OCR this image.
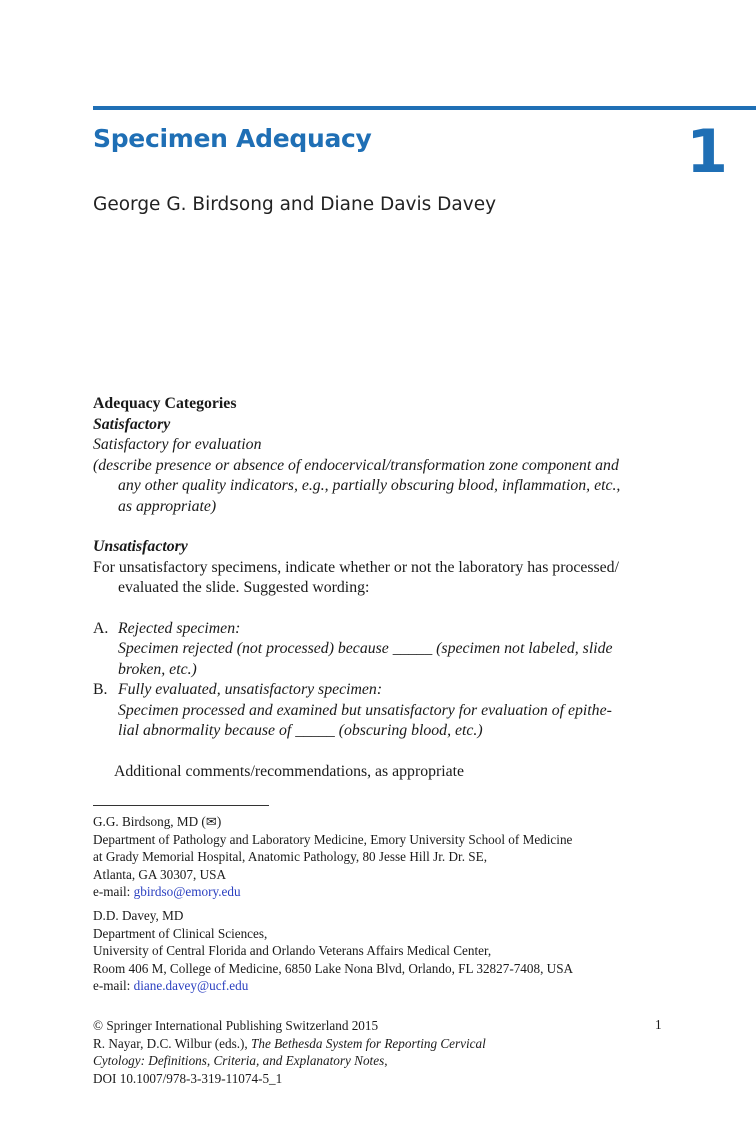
Specimen Adequacy	1
George G. Birdsong and Diane Davis Davey
Adequacy Categories
Satisfactory
Satisfactory for evaluation
(describe presence or absence of endocervical/transformation zone component and
any other quality indicators, e.g., partially obscuring blood, inflammation, etc.,
as appropriate)
Unsatisfactory
For unsatisfactory specimens, indicate whether or not the laboratory has processed/
evaluated the slide. Suggested wording:
A. Rejected specimen:
Specimen rejected (not processed) because _____ (specimen not labeled, slide
broken, etc.)
B. Fully evaluated, unsatisfactory specimen:
Specimen processed and examined but unsatisfactory for evaluation of epithe-
lial abnormality because of _____ (obscuring blood, etc.)
Additional comments/recommendations, as appropriate
G.G. Birdsong, MD (✉)
Department of Pathology and Laboratory Medicine, Emory University School of Medicine
at Grady Memorial Hospital, Anatomic Pathology, 80 Jesse Hill Jr. Dr. SE,
Atlanta, GA 30307, USA
e-mail: gbirdso@emory.edu
D.D. Davey, MD
Department of Clinical Sciences,
University of Central Florida and Orlando Veterans Affairs Medical Center,
Room 406 M, College of Medicine, 6850 Lake Nona Blvd, Orlando, FL 32827-7408, USA
e-mail: diane.davey@ucf.edu
© Springer International Publishing Switzerland 2015
R. Nayar, D.C. Wilbur (eds.), The Bethesda System for Reporting Cervical
Cytology: Definitions, Criteria, and Explanatory Notes,
DOI 10.1007/978-3-319-11074-5_1
1
